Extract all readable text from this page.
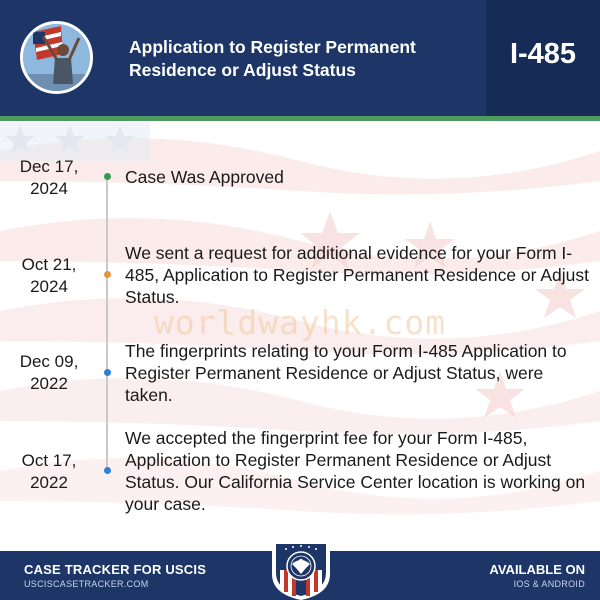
worldwayhk.com
Application to Register Permanent Residence or Adjust Status	I-485
Dec 17,
2024
Case Was Approved
Oct 21,
2024
We sent a request for additional evidence for your Form I-485, Application to Register Permanent Residence or Adjust Status.
Dec 09,
2022
The fingerprints relating to your Form I-485 Application to Register Permanent Residence or Adjust Status, were taken.
Oct 17,
2022
We accepted the fingerprint fee for your Form I-485, Application to Register Permanent Residence or Adjust Status. Our California Service Center location is working on your case.
CASE TRACKER FOR USCIS
USCISCASETRACKER.COM
AVAILABLE ON
IOS & ANDROID
